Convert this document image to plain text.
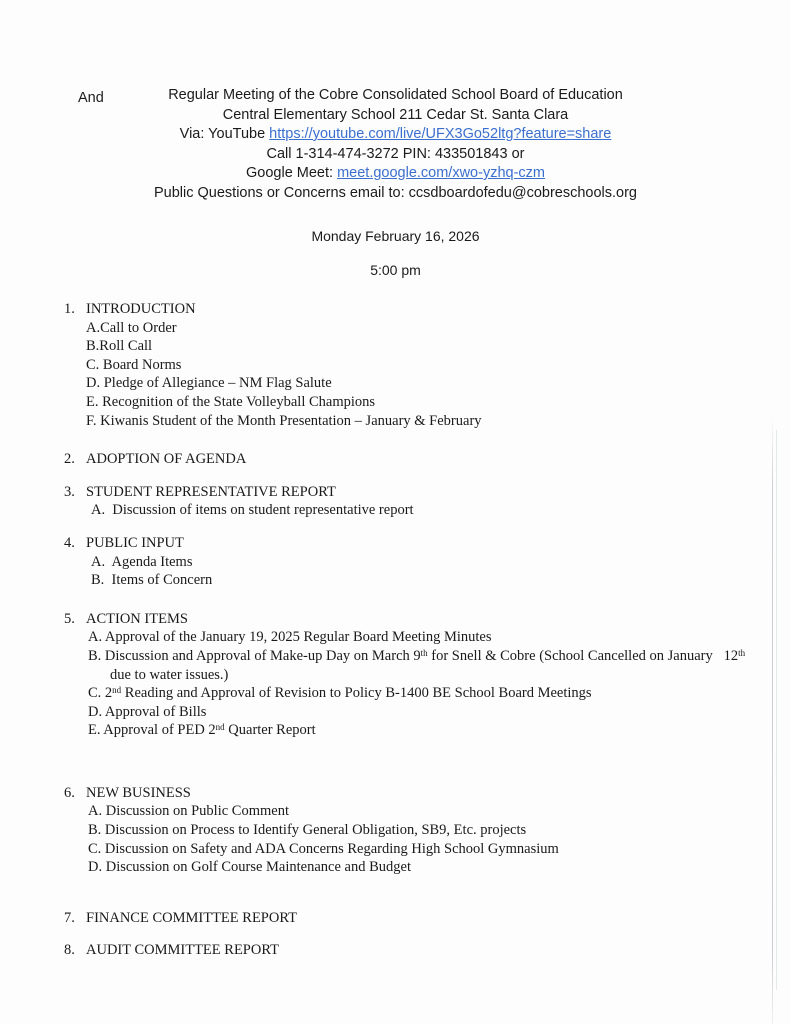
And	Regular Meeting of the Cobre Consolidated School Board of Education
Central Elementary School 211 Cedar St. Santa Clara
Via: YouTube https://youtube.com/live/UFX3Go52ltg?feature=share
Call 1-314-474-3272 PIN: 433501843 or
Google Meet: meet.google.com/xwo-yzhq-czm
Public Questions or Concerns email to: ccsdboardofedu@cobreschools.org
Monday February 16, 2026
5:00 pm
1. INTRODUCTION
A.Call to Order
B.Roll Call
C. Board Norms
D. Pledge of Allegiance – NM Flag Salute
E. Recognition of the State Volleyball Champions
F. Kiwanis Student of the Month Presentation – January & February
2. ADOPTION OF AGENDA
3. STUDENT REPRESENTATIVE REPORT
A.  Discussion of items on student representative report
4. PUBLIC INPUT
A.  Agenda Items
B.  Items of Concern
5. ACTION ITEMS
A. Approval of the January 19, 2025 Regular Board Meeting Minutes
B. Discussion and Approval of Make-up Day on March 9th for Snell & Cobre (School Cancelled on January   12th
due to water issues.)
C. 2nd Reading and Approval of Revision to Policy B-1400 BE School Board Meetings
D. Approval of Bills
E. Approval of PED 2nd Quarter Report
6. NEW BUSINESS
A. Discussion on Public Comment
B. Discussion on Process to Identify General Obligation, SB9, Etc. projects
C. Discussion on Safety and ADA Concerns Regarding High School Gymnasium
D. Discussion on Golf Course Maintenance and Budget
7. FINANCE COMMITTEE REPORT
8. AUDIT COMMITTEE REPORT
